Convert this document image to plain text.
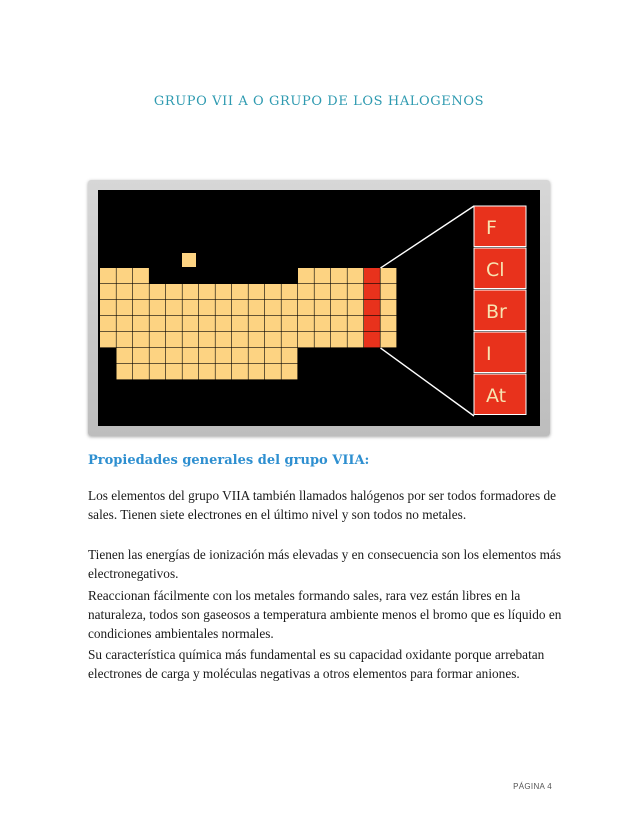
GRUPO VII A O GRUPO DE LOS HALOGENOS
F
Cl
Br
I
At
Propiedades generales del grupo VIIA:
Los elementos del grupo VIIA también llamados halógenos por ser todos formadores de sales. Tienen siete electrones en el último nivel y son todos no metales.
Tienen las energías de ionización más elevadas y en consecuencia son los elementos más electronegativos.
Reaccionan fácilmente con los metales formando sales, rara vez están libres en la naturaleza, todos son gaseosos a temperatura ambiente menos el bromo que es líquido en condiciones ambientales normales.
Su característica química más fundamental es su capacidad oxidante porque arrebatan electrones de carga y moléculas negativas a otros elementos para formar aniones.
PÁGINA 4
